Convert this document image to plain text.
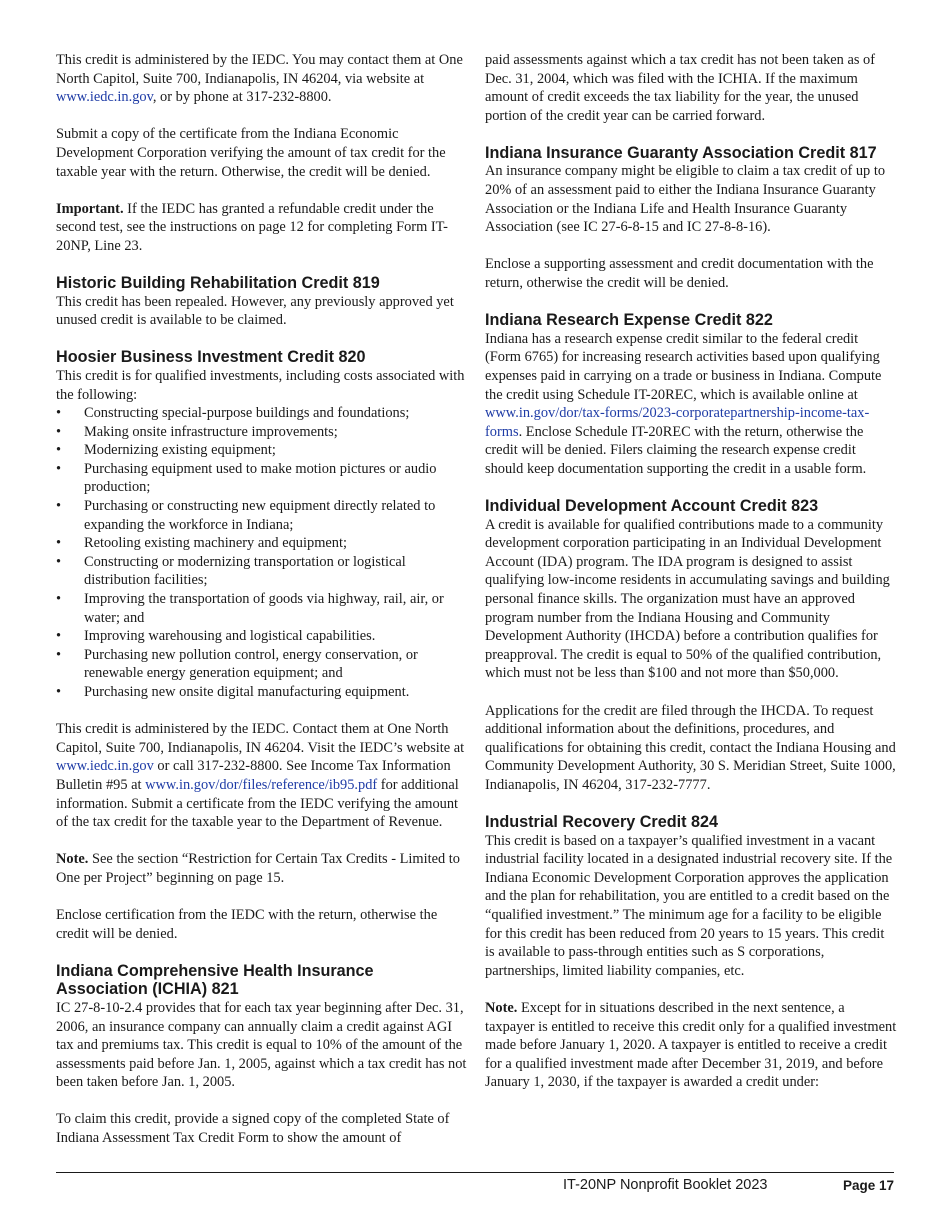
This credit is administered by the IEDC. You may contact them at One North Capitol, Suite 700, Indianapolis, IN 46204, via website at www.iedc.in.gov, or by phone at 317-232-8800.

Submit a copy of the certificate from the Indiana Economic Development Corporation verifying the amount of tax credit for the taxable year with the return. Otherwise, the credit will be denied.

Important. If the IEDC has granted a refundable credit under the second test, see the instructions on page 12 for completing Form IT-20NP, Line 23.

Historic Building Rehabilitation Credit 819

This credit has been repealed. However, any previously approved yet unused credit is available to be claimed.

Hoosier Business Investment Credit 820
This credit is for qualified investments, including costs associated with the following:
• Constructing special-purpose buildings and foundations;
• Making onsite infrastructure improvements;
• Modernizing existing equipment;
• Purchasing equipment used to make motion pictures or audio production;
• Purchasing or constructing new equipment directly related to expanding the workforce in Indiana;
• Retooling existing machinery and equipment;
• Constructing or modernizing transportation or logistical distribution facilities;
• Improving the transportation of goods via highway, rail, air, or water; and
• Improving warehousing and logistical capabilities.
• Purchasing new pollution control, energy conservation, or renewable energy generation equipment; and
• Purchasing new onsite digital manufacturing equipment.

This credit is administered by the IEDC. Contact them at One North Capitol, Suite 700, Indianapolis, IN 46204. Visit the IEDC’s website at www.iedc.in.gov or call 317-232-8800. See Income Tax Information Bulletin #95 at www.in.gov/dor/files/reference/ib95.pdf for additional information. Submit a certificate from the IEDC verifying the amount of the tax credit for the taxable year to the Department of Revenue.

Note. See the section “Restriction for Certain Tax Credits - Limited to One per Project” beginning on page 15.

Enclose certification from the IEDC with the return, otherwise the credit will be denied.

Indiana Comprehensive Health Insurance Association (ICHIA) 821

IC 27-8-10-2.4 provides that for each tax year beginning after Dec. 31, 2006, an insurance company can annually claim a credit against AGI tax and premiums tax. This credit is equal to 10% of the amount of the assessments paid before Jan. 1, 2005, against which a tax credit has not been taken before Jan. 1, 2005.

To claim this credit, provide a signed copy of the completed State of Indiana Assessment Tax Credit Form to show the amount of

paid assessments against which a tax credit has not been taken as of Dec. 31, 2004, which was filed with the ICHIA. If the maximum amount of credit exceeds the tax liability for the year, the unused portion of the credit year can be carried forward.

Indiana Insurance Guaranty Association Credit 817

An insurance company might be eligible to claim a tax credit of up to 20% of an assessment paid to either the Indiana Insurance Guaranty Association or the Indiana Life and Health Insurance Guaranty Association (see IC 27-6-8-15 and IC 27-8-8-16).

Enclose a supporting assessment and credit documentation with the return, otherwise the credit will be denied.

Indiana Research Expense Credit 822

Indiana has a research expense credit similar to the federal credit (Form 6765) for increasing research activities based upon qualifying expenses paid in carrying on a trade or business in Indiana. Compute the credit using Schedule IT-20REC, which is available online at www.in.gov/dor/tax-forms/2023-corporatepartnership-income-tax-forms. Enclose Schedule IT-20REC with the return, otherwise the credit will be denied. Filers claiming the research expense credit should keep documentation supporting the credit in a usable form.

Individual Development Account Credit 823

A credit is available for qualified contributions made to a community development corporation participating in an Individual Development Account (IDA) program. The IDA program is designed to assist qualifying low-income residents in accumulating savings and building personal finance skills. The organization must have an approved program number from the Indiana Housing and Community Development Authority (IHCDA) before a contribution qualifies for preapproval. The credit is equal to 50% of the qualified contribution, which must not be less than $100 and not more than $50,000.

Applications for the credit are filed through the IHCDA. To request additional information about the definitions, procedures, and qualifications for obtaining this credit, contact the Indiana Housing and Community Development Authority, 30 S. Meridian Street, Suite 1000, Indianapolis, IN 46204, 317-232-7777.

Industrial Recovery Credit 824

This credit is based on a taxpayer’s qualified investment in a vacant industrial facility located in a designated industrial recovery site. If the Indiana Economic Development Corporation approves the application and the plan for rehabilitation, you are entitled to a credit based on the “qualified investment.” The minimum age for a facility to be eligible for this credit has been reduced from 20 years to 15 years. This credit is available to pass-through entities such as S corporations, partnerships, limited liability companies, etc.

Note. Except for in situations described in the next sentence, a taxpayer is entitled to receive this credit only for a qualified investment made before January 1, 2020. A taxpayer is entitled to receive a credit for a qualified investment made after December 31, 2019, and before January 1, 2030, if the taxpayer is awarded a credit under:

IT-20NP Nonprofit Booklet 2023	Page 17
